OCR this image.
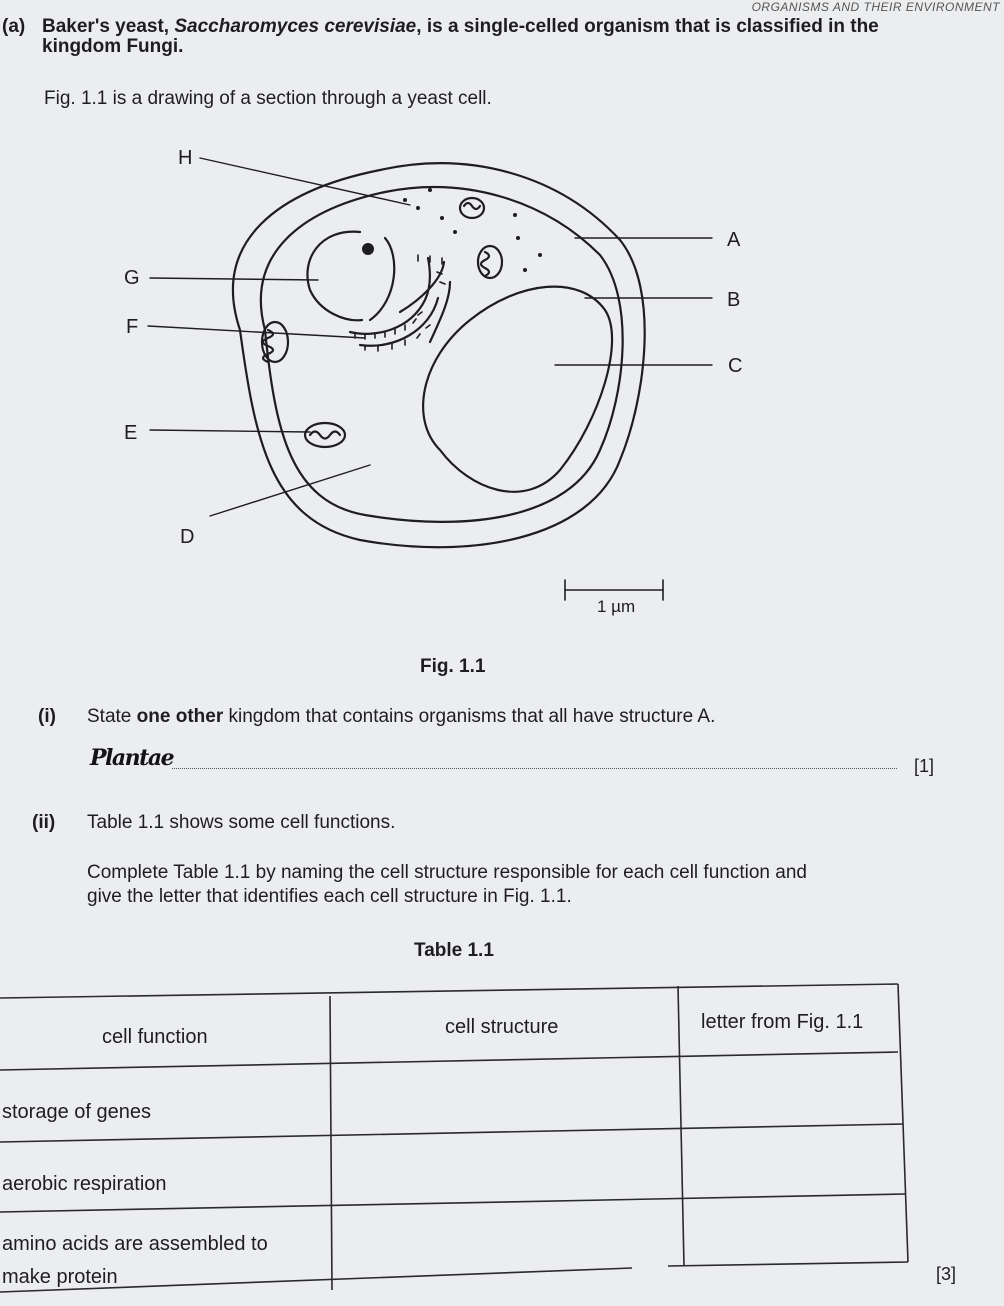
ORGANISMS AND THEIR ENVIRONMENT
(a) Baker's yeast, Saccharomyces cerevisiae, is a single-celled organism that is classified in the
kingdom Fungi.
Fig. 1.1 is a drawing of a section through a yeast cell.
H
A
B
C
G
F
E
D
1 µm
Fig. 1.1
(i) State one other kingdom that contains organisms that all have structure A.
Plantae	[1]
(ii) Table 1.1 shows some cell functions.
Complete Table 1.1 by naming the cell structure responsible for each cell function and
give the letter that identifies each cell structure in Fig. 1.1.
Table 1.1
cell function	cell structure	letter from Fig. 1.1
storage of genes
aerobic respiration
amino acids are assembled to
make protein	[3]
